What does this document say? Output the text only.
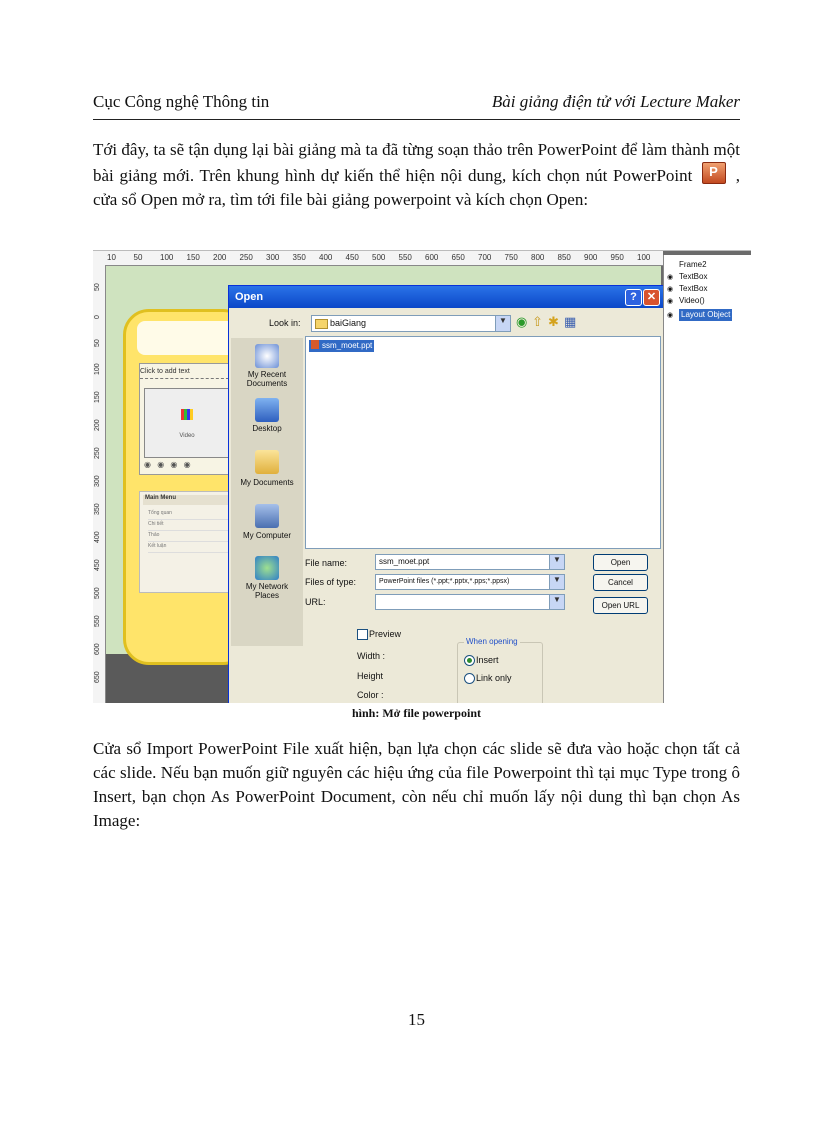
Cục Công nghệ Thông tin	Bài giảng điện tử với Lecture Maker
Tới đây, ta sẽ tận dụng lại bài giảng mà ta đã từng soạn thảo trên PowerPoint để làm thành một bài giảng mới. Trên khung hình dự kiến thể hiện nội dung, kích chọn nút PowerPoint P	, cửa sổ Open mở ra, tìm tới file bài giảng powerpoint và kích chọn Open:
10 50 100 150 200 250 300 350 400 450 500 550 600 650 700 750 800 850 900 950 100
50
0
50
100
150
200
250
300
350
400
450
500
550
600
650
Click to add text
Video
◉ ◉ ◉ ◉
Main Menu
Tổng quan
Chi tiết
Thảo
Kết luận
Open	? ✕
Look in:	baiGiang	▼ ◉ ⇧ ✱ ▦
My Recent Documents
Desktop
My Documents
My Computer
My Network Places
ssm_moet.ppt
File name:	ssm_moet.ppt	▼
Files of type:	PowerPoint files (*.ppt;*.pptx,*.pps;*.ppsx)	▼
URL:	▼
Open
Cancel
Open URL
Preview
Width :
Height
Color :
When opening
Insert
Link only
Frame2
◉ TextBox
◉ TextBox
◉ Video()
◉ Layout Object
hình: Mở file powerpoint
Cửa sổ Import PowerPoint File xuất hiện, bạn lựa chọn các slide sẽ đưa vào hoặc chọn tất cả các slide. Nếu bạn muốn giữ nguyên các hiệu ứng của file Powerpoint thì tại mục Type trong ô Insert, bạn chọn As PowerPoint Document, còn nếu chỉ muốn lấy nội dung thì bạn chọn As Image:
15
